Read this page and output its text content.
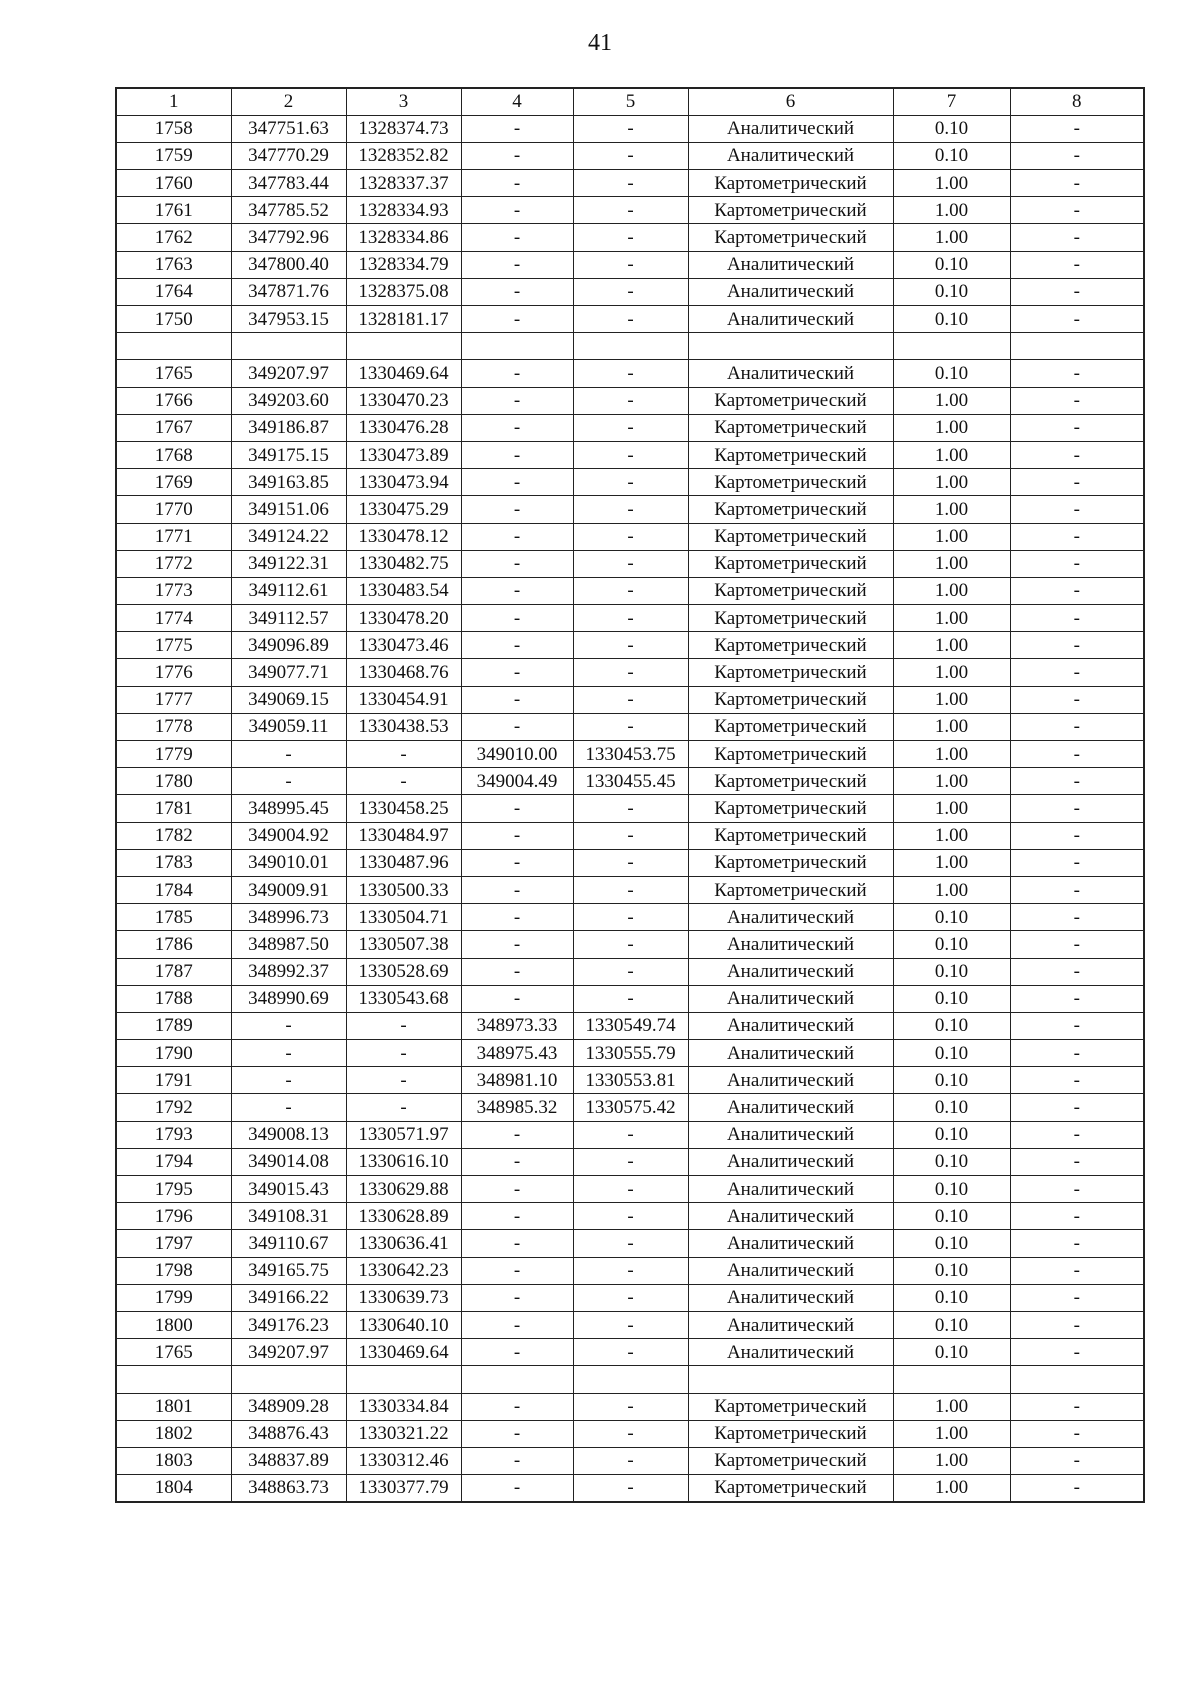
41
1	2	3	4	5	6	7	8
1758	347751.63	1328374.73	-	-	Аналитический	0.10	-
1759	347770.29	1328352.82	-	-	Аналитический	0.10	-
1760	347783.44	1328337.37	-	-	Картометрический	1.00	-
1761	347785.52	1328334.93	-	-	Картометрический	1.00	-
1762	347792.96	1328334.86	-	-	Картометрический	1.00	-
1763	347800.40	1328334.79	-	-	Аналитический	0.10	-
1764	347871.76	1328375.08	-	-	Аналитический	0.10	-
1750	347953.15	1328181.17	-	-	Аналитический	0.10	-

1765	349207.97	1330469.64	-	-	Аналитический	0.10	-
1766	349203.60	1330470.23	-	-	Картометрический	1.00	-
1767	349186.87	1330476.28	-	-	Картометрический	1.00	-
1768	349175.15	1330473.89	-	-	Картометрический	1.00	-
1769	349163.85	1330473.94	-	-	Картометрический	1.00	-
1770	349151.06	1330475.29	-	-	Картометрический	1.00	-
1771	349124.22	1330478.12	-	-	Картометрический	1.00	-
1772	349122.31	1330482.75	-	-	Картометрический	1.00	-
1773	349112.61	1330483.54	-	-	Картометрический	1.00	-
1774	349112.57	1330478.20	-	-	Картометрический	1.00	-
1775	349096.89	1330473.46	-	-	Картометрический	1.00	-
1776	349077.71	1330468.76	-	-	Картометрический	1.00	-
1777	349069.15	1330454.91	-	-	Картометрический	1.00	-
1778	349059.11	1330438.53	-	-	Картометрический	1.00	-
1779	-	-	349010.00	1330453.75	Картометрический	1.00	-
1780	-	-	349004.49	1330455.45	Картометрический	1.00	-
1781	348995.45	1330458.25	-	-	Картометрический	1.00	-
1782	349004.92	1330484.97	-	-	Картометрический	1.00	-
1783	349010.01	1330487.96	-	-	Картометрический	1.00	-
1784	349009.91	1330500.33	-	-	Картометрический	1.00	-
1785	348996.73	1330504.71	-	-	Аналитический	0.10	-
1786	348987.50	1330507.38	-	-	Аналитический	0.10	-
1787	348992.37	1330528.69	-	-	Аналитический	0.10	-
1788	348990.69	1330543.68	-	-	Аналитический	0.10	-
1789	-	-	348973.33	1330549.74	Аналитический	0.10	-
1790	-	-	348975.43	1330555.79	Аналитический	0.10	-
1791	-	-	348981.10	1330553.81	Аналитический	0.10	-
1792	-	-	348985.32	1330575.42	Аналитический	0.10	-
1793	349008.13	1330571.97	-	-	Аналитический	0.10	-
1794	349014.08	1330616.10	-	-	Аналитический	0.10	-
1795	349015.43	1330629.88	-	-	Аналитический	0.10	-
1796	349108.31	1330628.89	-	-	Аналитический	0.10	-
1797	349110.67	1330636.41	-	-	Аналитический	0.10	-
1798	349165.75	1330642.23	-	-	Аналитический	0.10	-
1799	349166.22	1330639.73	-	-	Аналитический	0.10	-
1800	349176.23	1330640.10	-	-	Аналитический	0.10	-
1765	349207.97	1330469.64	-	-	Аналитический	0.10	-

1801	348909.28	1330334.84	-	-	Картометрический	1.00	-
1802	348876.43	1330321.22	-	-	Картометрический	1.00	-
1803	348837.89	1330312.46	-	-	Картометрический	1.00	-
1804	348863.73	1330377.79	-	-	Картометрический	1.00	-
